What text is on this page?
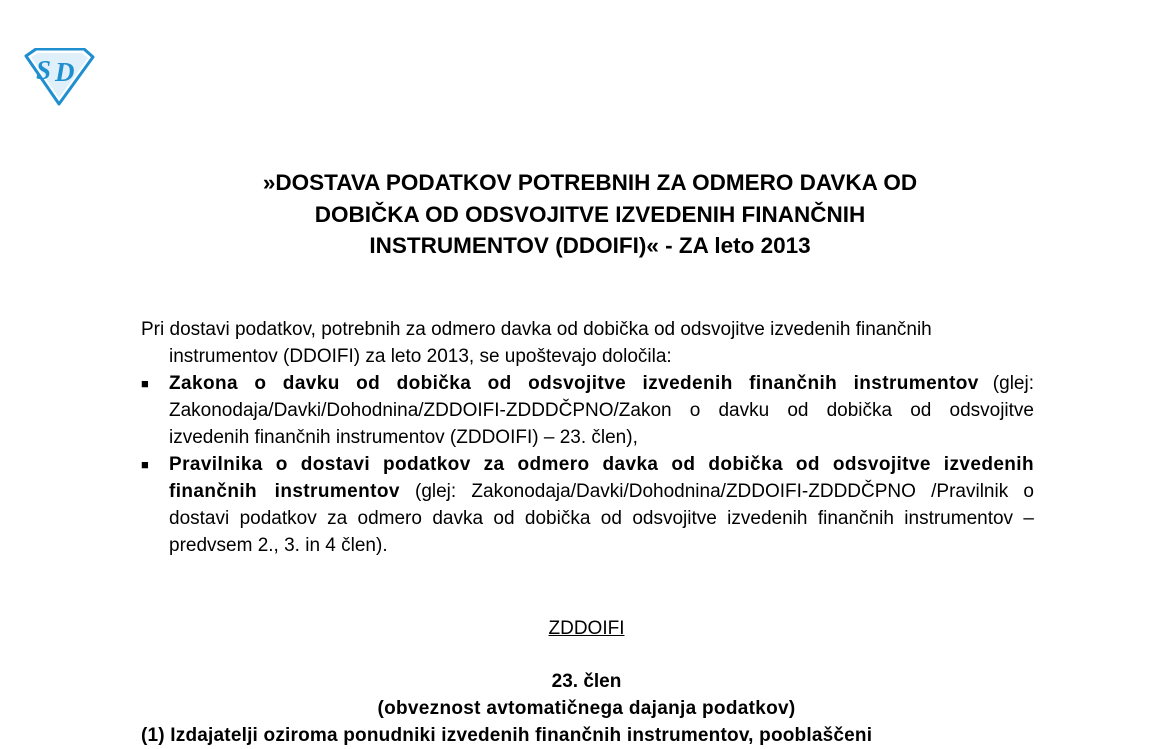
S D
»DOSTAVA PODATKOV POTREBNIH ZA ODMERO DAVKA OD
DOBIČKA OD ODSVOJITVE IZVEDENIH FINANČNIH
INSTRUMENTOV (DDOIFI)« - ZA leto 2013

Pri dostavi podatkov, potrebnih za odmero davka od dobička od odsvojitve izvedenih finančnih instrumentov (DDOIFI) za leto 2013, se upoštevajo določila:

■ Zakona o davku od dobička od odsvojitve izvedenih finančnih instrumentov (glej: Zakonodaja/Davki/Dohodnina/ZDDOIFI-ZDDDČPNO/Zakon o davku od dobička od odsvojitve izvedenih finančnih instrumentov (ZDDOIFI) – 23. člen),
■ Pravilnika o dostavi podatkov za odmero davka od dobička od odsvojitve izvedenih finančnih instrumentov (glej: Zakonodaja/Davki/Dohodnina/ZDDOIFI-ZDDDČPNO /Pravilnik o dostavi podatkov za odmero davka od dobička od odsvojitve izvedenih finančnih instrumentov – predvsem 2., 3. in 4 člen).
ZDDOIFI
23. člen
(obveznost avtomatičnega dajanja podatkov)
(1) Izdajatelji oziroma ponudniki izvedenih finančnih instrumentov, pooblaščeni
